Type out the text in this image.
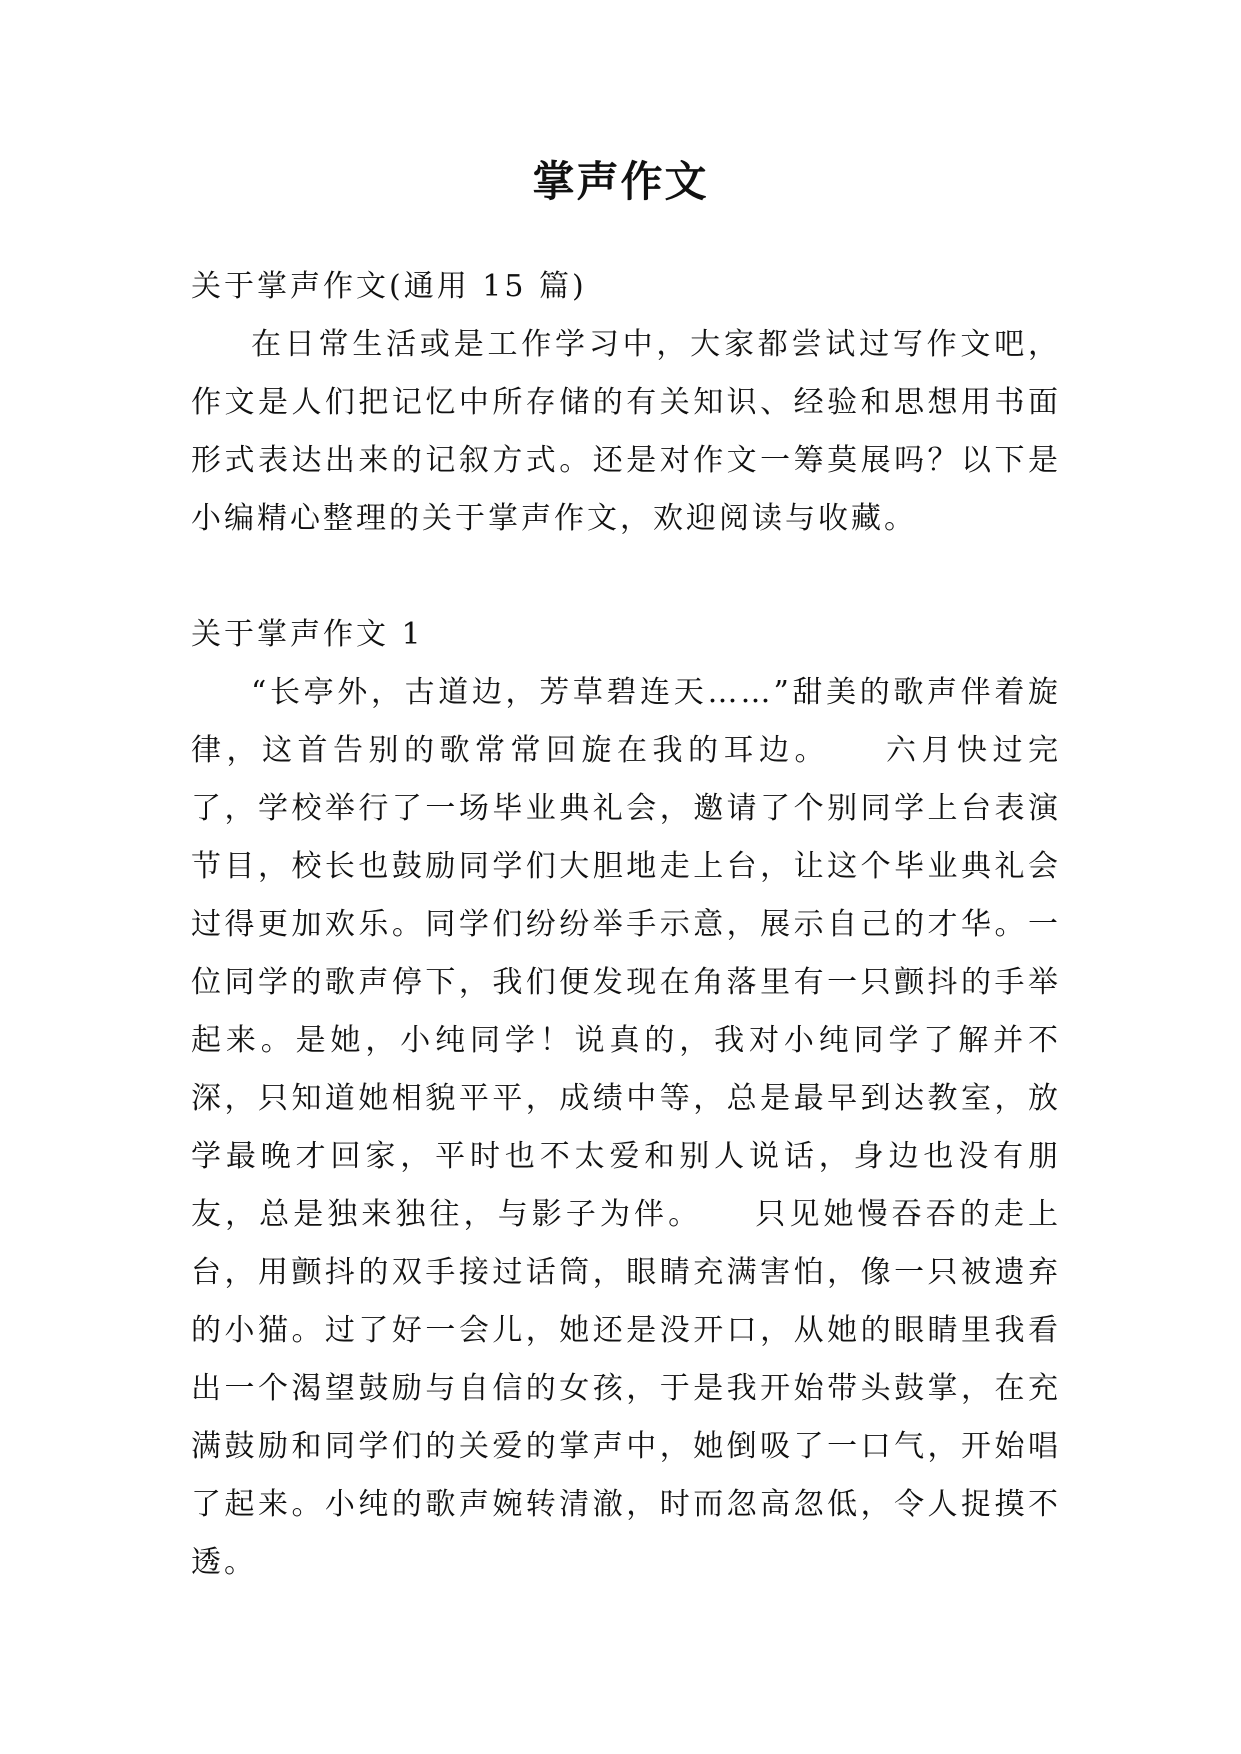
掌声作文

关于掌声作文(通用 15 篇)

在日常生活或是工作学习中，大家都尝试过写作文吧，作文是人们把记忆中所存储的有关知识、经验和思想用书面形式表达出来的记叙方式。还是对作文一筹莫展吗？以下是小编精心整理的关于掌声作文，欢迎阅读与收藏。

关于掌声作文 1

“长亭外，古道边，芳草碧连天……”甜美的歌声伴着旋律，这首告别的歌常常回旋在我的耳边。　　六月快过完了，学校举行了一场毕业典礼会，邀请了个别同学上台表演节目，校长也鼓励同学们大胆地走上台，让这个毕业典礼会过得更加欢乐。同学们纷纷举手示意，展示自己的才华。一位同学的歌声停下，我们便发现在角落里有一只颤抖的手举起来。是她，小纯同学！说真的，我对小纯同学了解并不深，只知道她相貌平平，成绩中等，总是最早到达教室，放学最晚才回家，平时也不太爱和别人说话，身边也没有朋友，总是独来独往，与影子为伴。　　只见她慢吞吞的走上台，用颤抖的双手接过话筒，眼睛充满害怕，像一只被遗弃的小猫。过了好一会儿，她还是没开口，从她的眼睛里我看出一个渴望鼓励与自信的女孩，于是我开始带头鼓掌，在充满鼓励和同学们的关爱的掌声中，她倒吸了一口气，开始唱了起来。小纯的歌声婉转清澈，时而忽高忽低，令人捉摸不透。
